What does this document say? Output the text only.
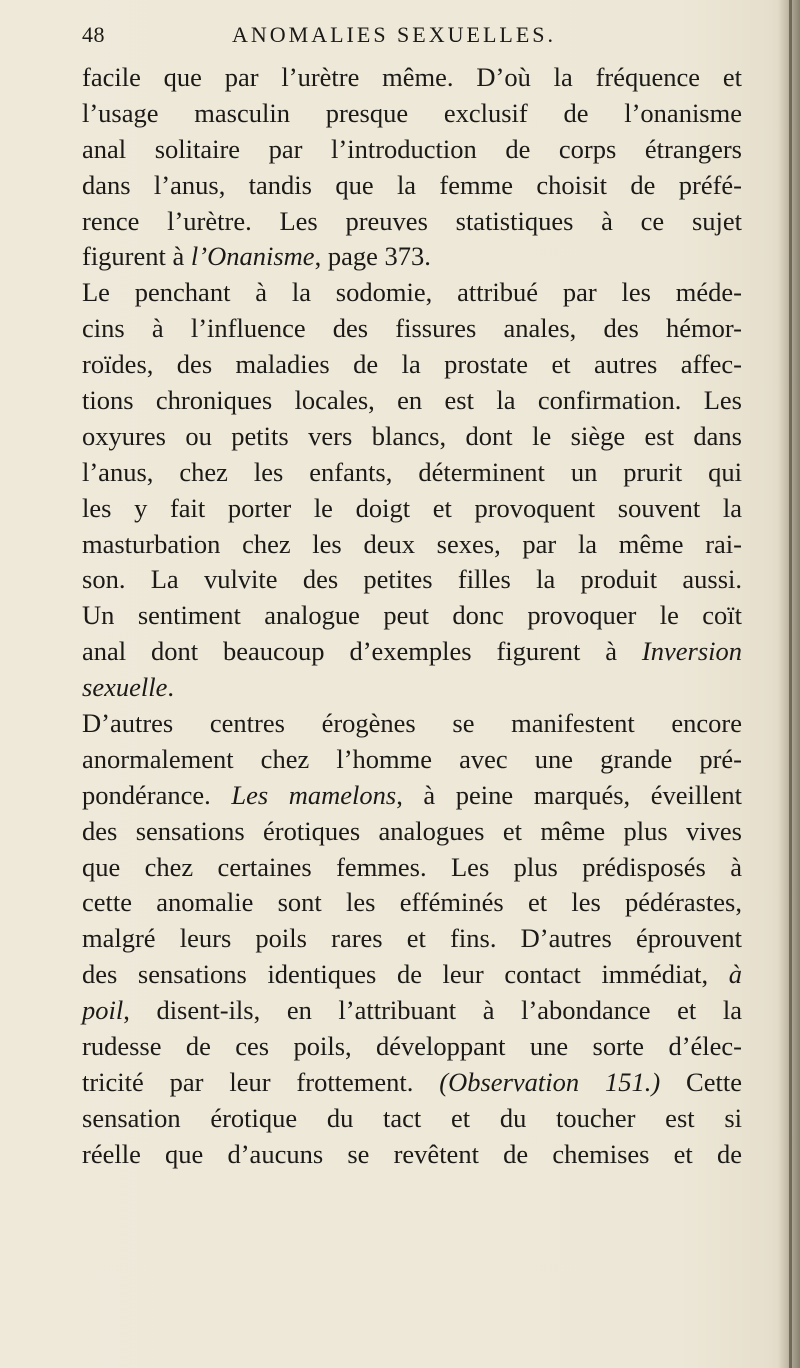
48	ANOMALIES SEXUELLES.
facile que par l’urètre même. D’où la fréquence et
l’usage masculin presque exclusif de l’onanisme
anal solitaire par l’introduction de corps étrangers
dans l’anus, tandis que la femme choisit de préfé-
rence l’urètre. Les preuves statistiques à ce sujet
figurent à l’Onanisme, page 373.
Le penchant à la sodomie, attribué par les méde-
cins à l’influence des fissures anales, des hémor-
roïdes, des maladies de la prostate et autres affec-
tions chroniques locales, en est la confirmation. Les
oxyures ou petits vers blancs, dont le siège est dans
l’anus, chez les enfants, déterminent un prurit qui
les y fait porter le doigt et provoquent souvent la
masturbation chez les deux sexes, par la même rai-
son. La vulvite des petites filles la produit aussi.
Un sentiment analogue peut donc provoquer le coït
anal dont beaucoup d’exemples figurent à Inversion
sexuelle.
D’autres centres érogènes se manifestent encore
anormalement chez l’homme avec une grande pré-
pondérance. Les mamelons, à peine marqués, éveillent
des sensations érotiques analogues et même plus vives
que chez certaines femmes. Les plus prédisposés à
cette anomalie sont les efféminés et les pédérastes,
malgré leurs poils rares et fins. D’autres éprouvent
des sensations identiques de leur contact immédiat, à
poil, disent-ils, en l’attribuant à l’abondance et la
rudesse de ces poils, développant une sorte d’élec-
tricité par leur frottement. (Observation 151.) Cette
sensation érotique du tact et du toucher est si
réelle que d’aucuns se revêtent de chemises et de
